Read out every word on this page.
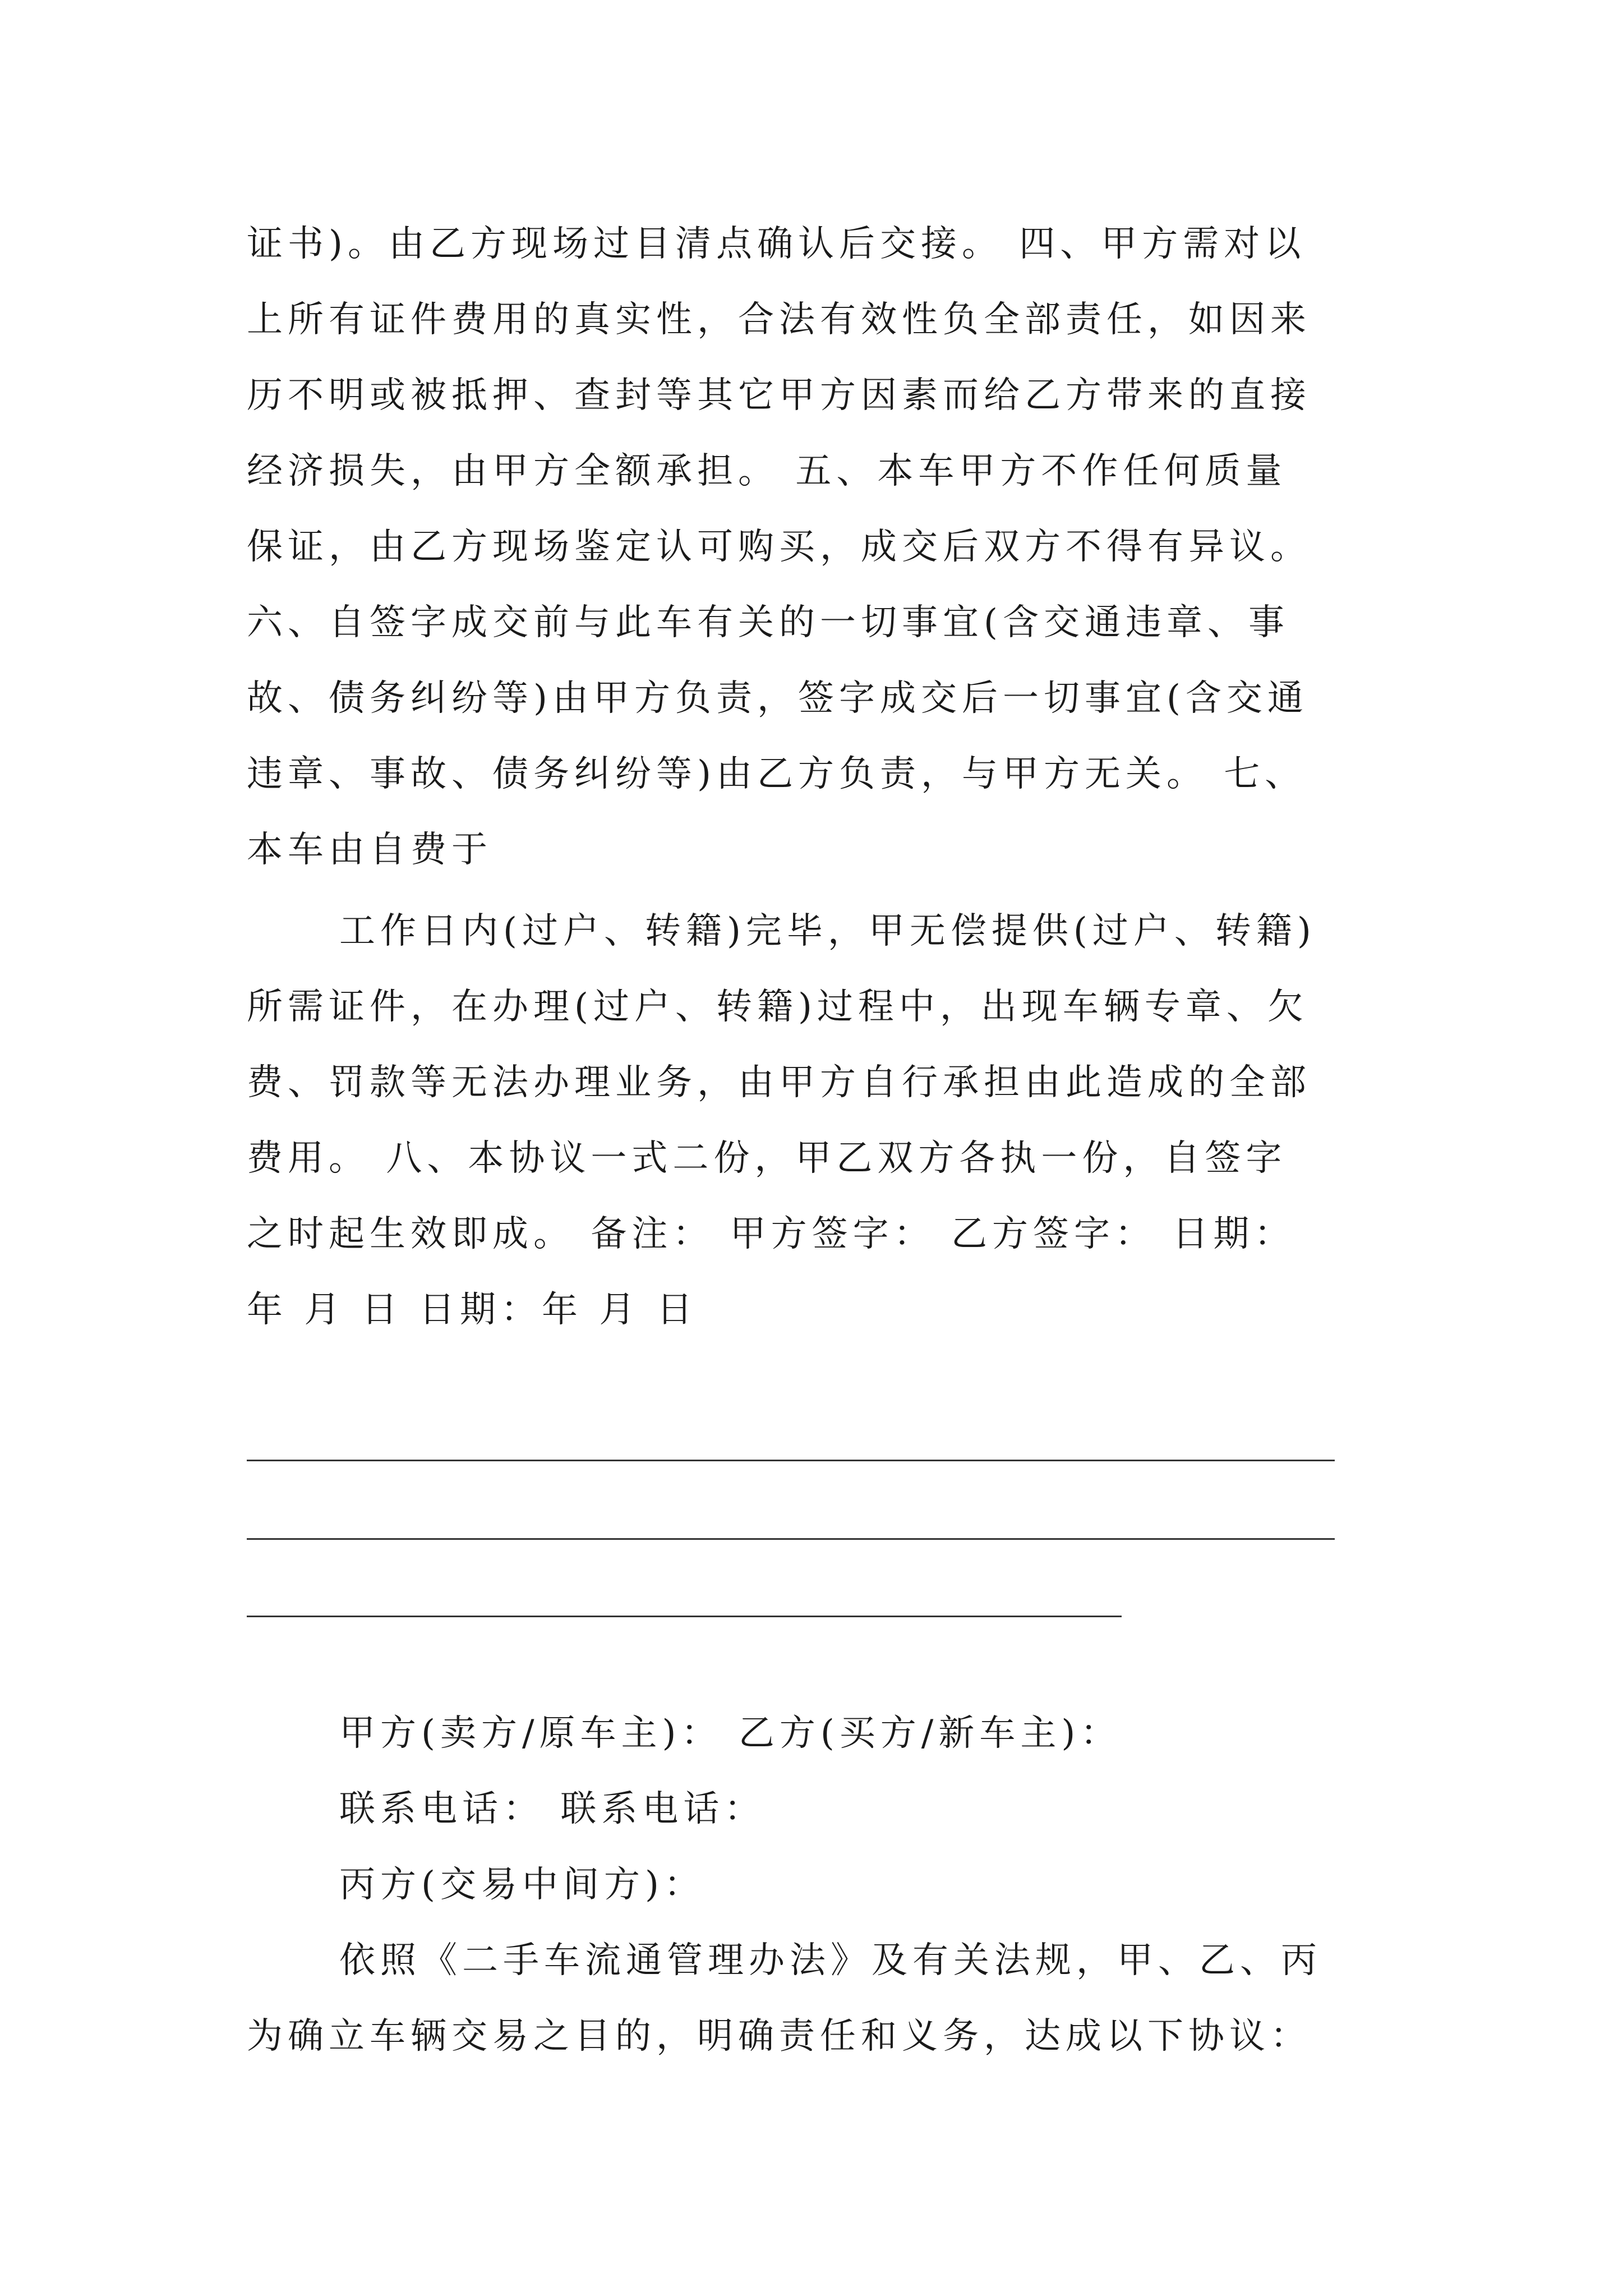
证书)。由乙方现场过目清点确认后交接。 四、甲方需对以
上所有证件费用的真实性，合法有效性负全部责任，如因来
历不明或被抵押、查封等其它甲方因素而给乙方带来的直接
经济损失，由甲方全额承担。 五、本车甲方不作任何质量
保证，由乙方现场鉴定认可购买，成交后双方不得有异议。
六、自签字成交前与此车有关的一切事宜(含交通违章、事
故、债务纠纷等)由甲方负责，签字成交后一切事宜(含交通
违章、事故、债务纠纷等)由乙方负责，与甲方无关。 七、
本车由自费于
工作日内(过户、转籍)完毕，甲无偿提供(过户、转籍)
所需证件，在办理(过户、转籍)过程中，出现车辆专章、欠
费、罚款等无法办理业务，由甲方自行承担由此造成的全部
费用。 八、本协议一式二份，甲乙双方各执一份，自签字
之时起生效即成。 备注： 甲方签字： 乙方签字： 日期：
年 月 日 日期：年 月 日
甲方(卖方/原车主)： 乙方(买方/新车主)：
联系电话： 联系电话：
丙方(交易中间方)：
依照《二手车流通管理办法》及有关法规，甲、乙、丙
为确立车辆交易之目的，明确责任和义务，达成以下协议：
